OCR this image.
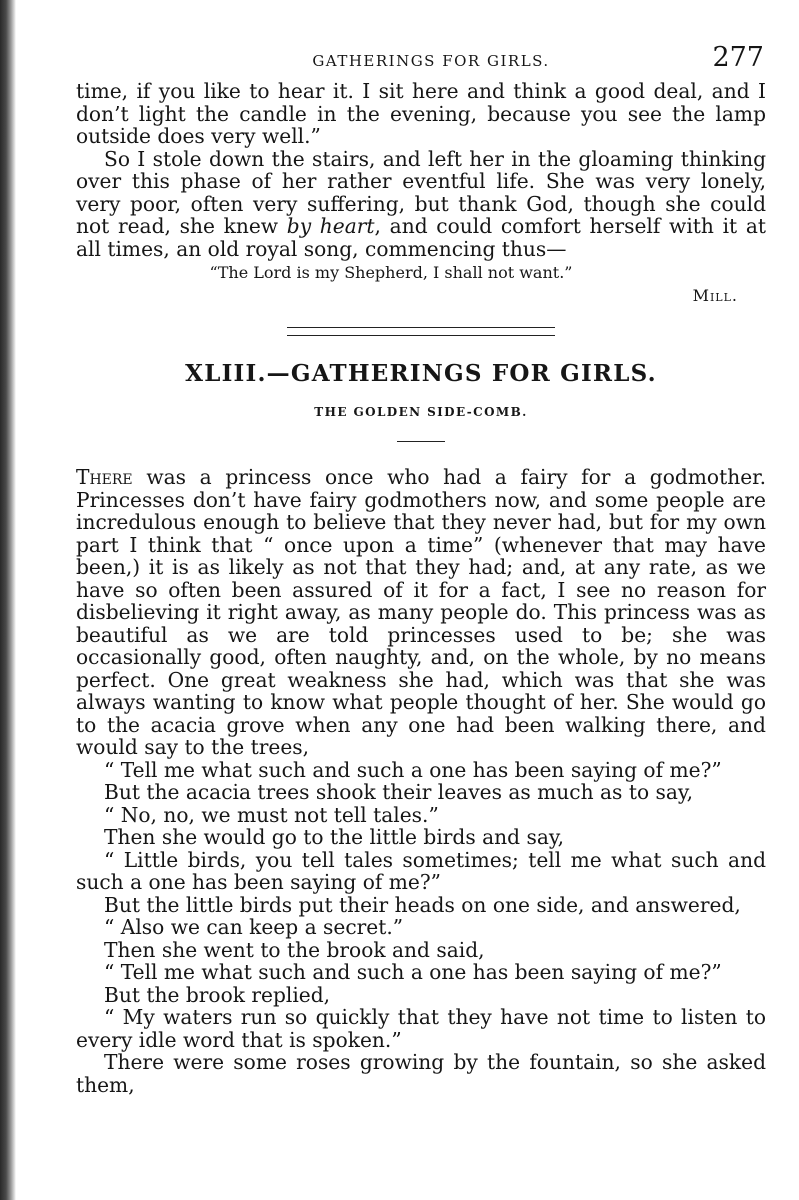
GATHERINGS FOR GIRLS.	277

time, if you like to hear it. I sit here and think a good deal, and I don’t light the candle in the evening, because you see the lamp outside does very well.”

So I stole down the stairs, and left her in the gloaming thinking over this phase of her rather eventful life. She was very lonely, very poor, often very suffering, but thank God, though she could not read, she knew by heart, and could comfort herself with it at all times, an old royal song, commencing thus—

“The Lord is my Shepherd, I shall not want.”

Mill.
XLIII.—GATHERINGS FOR GIRLS.
THE GOLDEN SIDE-COMB.

There was a princess once who had a fairy for a godmother. Princesses don’t have fairy godmothers now, and some people are incredulous enough to believe that they never had, but for my own part I think that “ once upon a time” (whenever that may have been,) it is as likely as not that they had; and, at any rate, as we have so often been assured of it for a fact, I see no reason for disbelieving it right away, as many people do. This princess was as beautiful as we are told princesses used to be; she was occasionally good, often naughty, and, on the whole, by no means perfect. One great weakness she had, which was that she was always wanting to know what people thought of her. She would go to the acacia grove when any one had been walking there, and would say to the trees,

“ Tell me what such and such a one has been saying of me?”

But the acacia trees shook their leaves as much as to say,

“ No, no, we must not tell tales.”

Then she would go to the little birds and say,

“ Little birds, you tell tales sometimes; tell me what such and such a one has been saying of me?”

But the little birds put their heads on one side, and answered,

“ Also we can keep a secret.”

Then she went to the brook and said,

“ Tell me what such and such a one has been saying of me?”

But the brook replied,

“ My waters run so quickly that they have not time to listen to every idle word that is spoken.”

There were some roses growing by the fountain, so she asked them,
